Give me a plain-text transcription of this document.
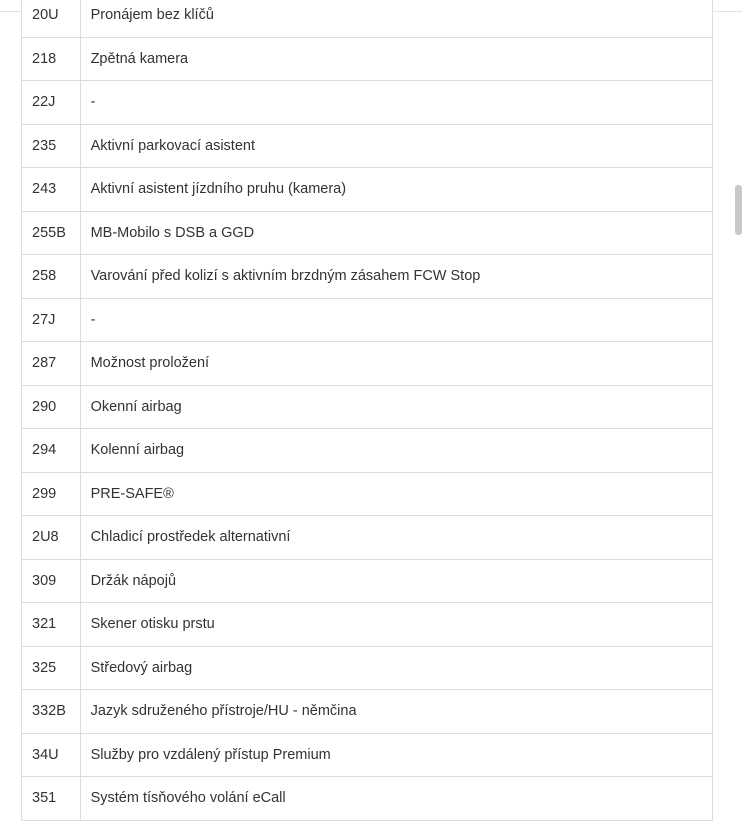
20U	Pronájem bez klíčů
218	Zpětná kamera
22J	-
235	Aktivní parkovací asistent
243	Aktivní asistent jízdního pruhu (kamera)
255B	MB-Mobilo s DSB a GGD
258	Varování před kolizí s aktivním brzdným zásahem FCW Stop
27J	-
287	Možnost proložení
290	Okenní airbag
294	Kolenní airbag
299	PRE-SAFE®
2U8	Chladicí prostředek alternativní
309	Držák nápojů
321	Skener otisku prstu
325	Středový airbag
332B	Jazyk sdruženého přístroje/HU - němčina
34U	Služby pro vzdálený přístup Premium
351	Systém tísňového volání eCall
